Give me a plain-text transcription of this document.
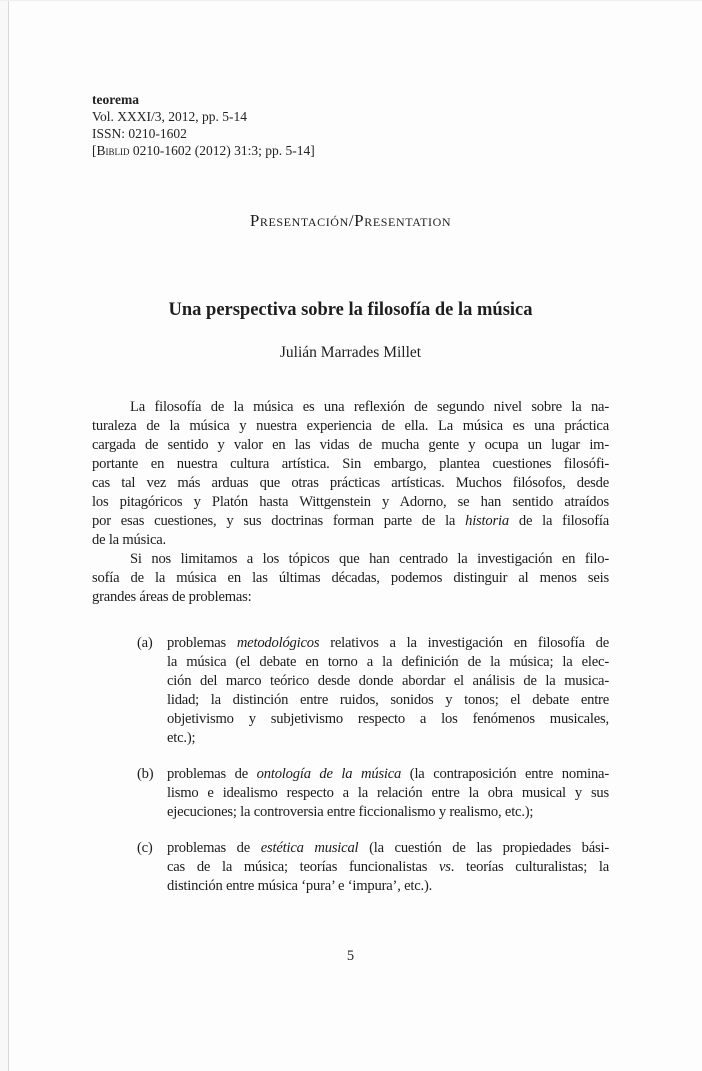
teorema
Vol. XXXI/3, 2012, pp. 5-14
ISSN: 0210-1602
[Biblid 0210-1602 (2012) 31:3; pp. 5-14]
Presentación/Presentation
Una perspectiva sobre la filosofía de la música
Julián Marrades Millet
La filosofía de la música es una reflexión de segundo nivel sobre la na-
turaleza de la música y nuestra experiencia de ella. La música es una práctica
cargada de sentido y valor en las vidas de mucha gente y ocupa un lugar im-
portante en nuestra cultura artística. Sin embargo, plantea cuestiones filosófi-
cas tal vez más arduas que otras prácticas artísticas. Muchos filósofos, desde
los pitagóricos y Platón hasta Wittgenstein y Adorno, se han sentido atraídos
por esas cuestiones, y sus doctrinas forman parte de la historia de la filosofía
de la música.
Si nos limitamos a los tópicos que han centrado la investigación en filo-
sofía de la música en las últimas décadas, podemos distinguir al menos seis
grandes áreas de problemas:
(a) problemas metodológicos relativos a la investigación en filosofía de
la música (el debate en torno a la definición de la música; la elec-
ción del marco teórico desde donde abordar el análisis de la musica-
lidad; la distinción entre ruidos, sonidos y tonos; el debate entre
objetivismo y subjetivismo respecto a los fenómenos musicales,
etc.);
(b) problemas de ontología de la música (la contraposición entre nomina-
lismo e idealismo respecto a la relación entre la obra musical y sus
ejecuciones; la controversia entre ficcionalismo y realismo, etc.);
(c) problemas de estética musical (la cuestión de las propiedades bási-
cas de la música; teorías funcionalistas vs. teorías culturalistas; la
distinción entre música ‘pura’ e ‘impura’, etc.).
5
